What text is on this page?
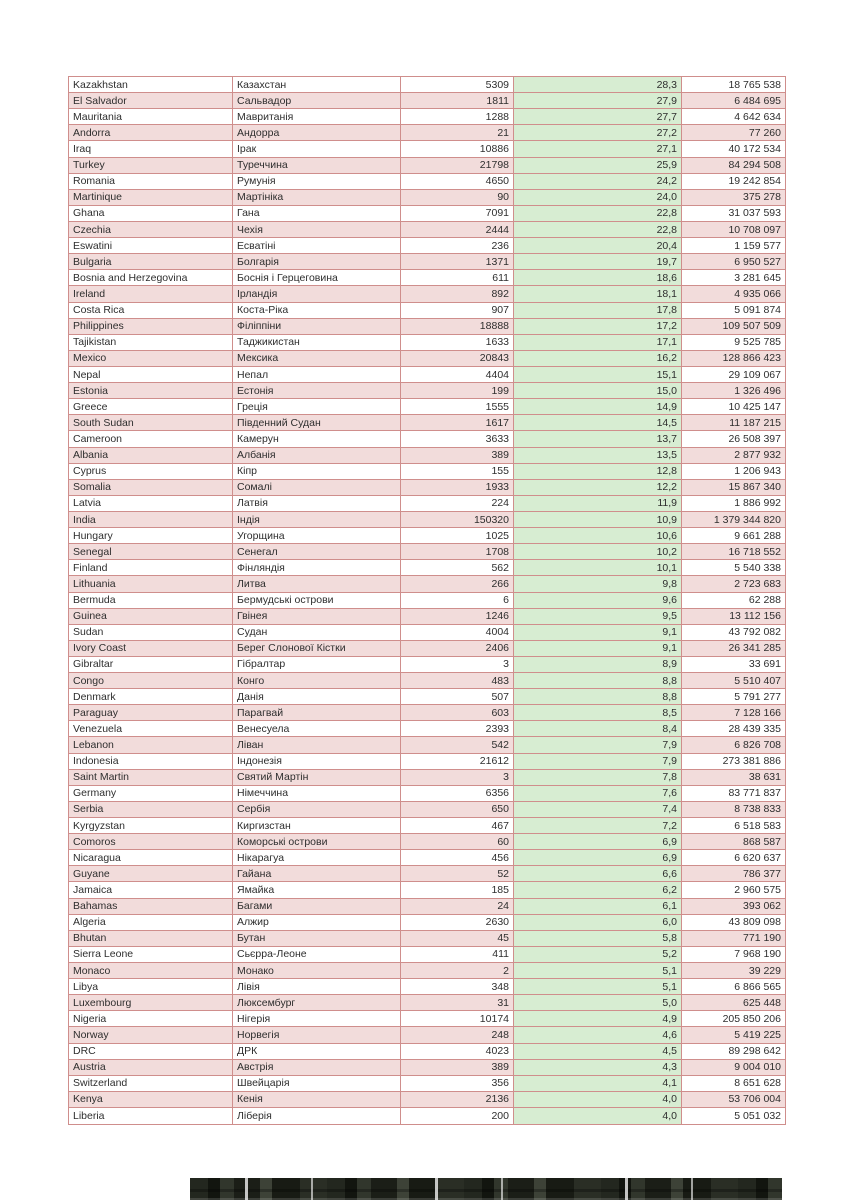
Kazakhstan	Казахстан	5309	28,3	18 765 538
El Salvador	Сальвадор	1811	27,9	6 484 695
Mauritania	Мавританія	1288	27,7	4 642 634
Andorra	Андорра	21	27,2	77 260
Iraq	Ірак	10886	27,1	40 172 534
Turkey	Туреччина	21798	25,9	84 294 508
Romania	Румунія	4650	24,2	19 242 854
Martinique	Мартініка	90	24,0	375 278
Ghana	Гана	7091	22,8	31 037 593
Czechia	Чехія	2444	22,8	10 708 097
Eswatini	Есватіні	236	20,4	1 159 577
Bulgaria	Болгарія	1371	19,7	6 950 527
Bosnia and Herzegovina	Боснія і Герцеговина	611	18,6	3 281 645
Ireland	Ірландія	892	18,1	4 935 066
Costa Rica	Коста-Ріка	907	17,8	5 091 874
Philippines	Філіппіни	18888	17,2	109 507 509
Tajikistan	Таджикистан	1633	17,1	9 525 785
Mexico	Мексика	20843	16,2	128 866 423
Nepal	Непал	4404	15,1	29 109 067
Estonia	Естонія	199	15,0	1 326 496
Greece	Греція	1555	14,9	10 425 147
South Sudan	Південний Судан	1617	14,5	11 187 215
Cameroon	Камерун	3633	13,7	26 508 397
Albania	Албанія	389	13,5	2 877 932
Cyprus	Кіпр	155	12,8	1 206 943
Somalia	Сомалі	1933	12,2	15 867 340
Latvia	Латвія	224	11,9	1 886 992
India	Індія	150320	10,9	1 379 344 820
Hungary	Угорщина	1025	10,6	9 661 288
Senegal	Сенегал	1708	10,2	16 718 552
Finland	Фінляндія	562	10,1	5 540 338
Lithuania	Литва	266	9,8	2 723 683
Bermuda	Бермудські острови	6	9,6	62 288
Guinea	Гвінея	1246	9,5	13 112 156
Sudan	Судан	4004	9,1	43 792 082
Ivory Coast	Берег Слонової Кістки	2406	9,1	26 341 285
Gibraltar	Гібралтар	3	8,9	33 691
Congo	Конго	483	8,8	5 510 407
Denmark	Данія	507	8,8	5 791 277
Paraguay	Парагвай	603	8,5	7 128 166
Venezuela	Венесуела	2393	8,4	28 439 335
Lebanon	Ліван	542	7,9	6 826 708
Indonesia	Індонезія	21612	7,9	273 381 886
Saint Martin	Святий Мартін	3	7,8	38 631
Germany	Німеччина	6356	7,6	83 771 837
Serbia	Сербія	650	7,4	8 738 833
Kyrgyzstan	Киргизстан	467	7,2	6 518 583
Comoros	Коморські острови	60	6,9	868 587
Nicaragua	Нікарагуа	456	6,9	6 620 637
Guyane	Гайана	52	6,6	786 377
Jamaica	Ямайка	185	6,2	2 960 575
Bahamas	Багами	24	6,1	393 062
Algeria	Алжир	2630	6,0	43 809 098
Bhutan	Бутан	45	5,8	771 190
Sierra Leone	Сьєрра-Леоне	411	5,2	7 968 190
Monaco	Монако	2	5,1	39 229
Libya	Лівія	348	5,1	6 866 565
Luxembourg	Люксембург	31	5,0	625 448
Nigeria	Нігерія	10174	4,9	205 850 206
Norway	Норвегія	248	4,6	5 419 225
DRC	ДРК	4023	4,5	89 298 642
Austria	Австрія	389	4,3	9 004 010
Switzerland	Швейцарія	356	4,1	8 651 628
Kenya	Кенія	2136	4,0	53 706 004
Liberia	Ліберія	200	4,0	5 051 032
